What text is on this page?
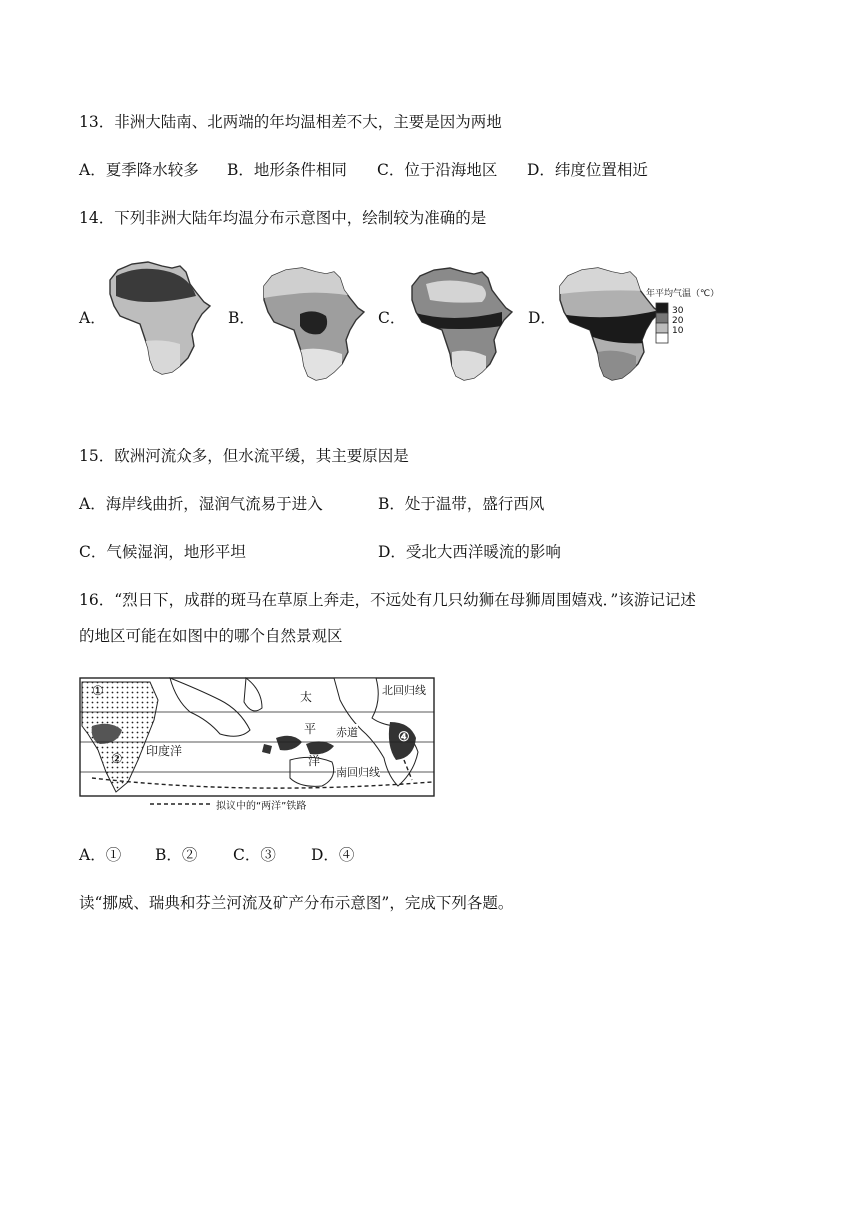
13．非洲大陆南、北两端的年均温相差不大，主要是因为两地
A．夏季降水较多 B．地形条件相同 C．位于沿海地区 D．纬度位置相近
14．下列非洲大陆年均温分布示意图中，绘制较为准确的是
A．	B．	C．	D．
年平均气温（℃）
30
20
10
15．欧洲河流众多，但水流平缓，其主要原因是
A．海岸线曲折，湿润气流易于进入	B．处于温带，盛行西风
C．气候湿润，地形平坦	D．受北大西洋暖流的影响
16．“烈日下，成群的斑马在草原上奔走，不远处有几只幼狮在母狮周围嬉戏．”该游记记述
的地区可能在如图中的哪个自然景观区
①
②
④
太
平
洋
印度洋
北回归线
赤道
南回归线
拟议中的“两洋”铁路
A．① B．② C．③ D．④
读“挪威、瑞典和芬兰河流及矿产分布示意图”，完成下列各题。
